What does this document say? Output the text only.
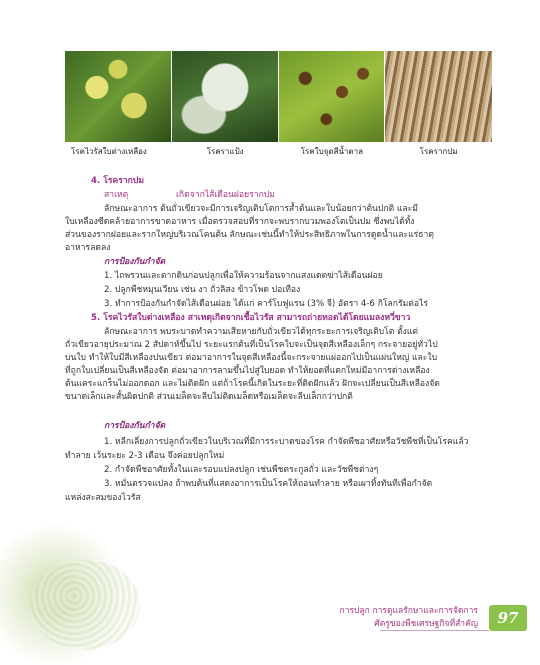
โรคไวรัสใบด่างเหลือง	โรคราแป้ง	โรคใบจุดสีน้ำตาล	โรครากปม
4. โรครากปม
สาเหตุ	เกิดจากไส้เดือนฝอยรากปม
ลักษณะอาการ ต้นถั่วเขียวจะมีการเจริญเติบโตการส้ำต้นและใบน้อยกว่าต้นปกติ และมี
ใบเหลืองซีดคล้ายอาการขาดอาหาร เมื่อตรวจสอบที่รากจะพบรากบวมพองโตเป็นปม ซึ่งพบได้ทั้ง
ส่วนของรากฝอยและรากใหญ่บริเวณโคนต้น ลักษณะเช่นนี้ทำให้ประสิทธิภาพในการดูดน้ำและแร่ธาตุ
อาหารลดลง
การป้องกันกำจัด
1. ไถพรวนและตากดินก่อนปลูกเพื่อให้ความร้อนจากแสงแดดฆ่าไส้เดือนฝอย
2. ปลูกพืชหมุนเวียน เช่น งา ถั่วลิสง ข้าวโพด ปอเทือง
3. ทำการป้องกันกำจัดไส้เดือนฝอย ได้แก่ คาร์โบฟูแรน (3% จี) อัตรา 4-6 กิโลกรัมต่อไร่
5. โรคไวรัสใบด่างเหลือง สาเหตุเกิดจากเชื้อไวรัส สามารถถ่ายทอดได้โดยแมลงหวี่ขาว
ลักษณะอาการ พบระบาดทำความเสียหายกับถั่วเขียวได้ทุกระยะการเจริญเติบโต ตั้งแต่
ถั่วเขียวอายุประมาณ 2 สัปดาห์ขึ้นไป ระยะแรกต้นที่เป็นโรคใบจะเป็นจุดสีเหลืองเล็กๆ กระจายอยู่ทั่วไป
บนใบ ทำให้ใบมีสีเหลืองปนเขียว ต่อมาอาการในจุดสีเหลืองนี้จะกระจายแผ่ออกไปเป็นแผ่นใหญ่ และใบ
ที่ถูกใบเปลี่ยนเป็นสีเหลืองจัด ต่อมาอาการลามขึ้นไปสู่ใบยอด ทำให้ยอดที่แตกใหม่มีอาการด่างเหลือง
ต้นแคระแกร็นไม่ออกดอก และไม่ติดฝัก แต่ถ้าโรคนี้เกิดในระยะที่ติดฝักแล้ว ฝักจะเปลี่ยนเป็นสีเหลืองจัด
ขนาดเล็กและสั้นผิดปกติ ส่วนเมล็ดจะลีบไม่ติดเมล็ดหรือเมล็ดจะลีบเล็กกว่าปกติ
การป้องกันกำจัด
1. หลีกเลี่ยงการปลูกถั่วเขียวในบริเวณที่มีการระบาดของโรค กำจัดพืชอาศัยหรือวัชพืชที่เป็นโรคแล้ว
ทำลาย เว้นระยะ 2-3 เดือน จึงค่อยปลูกใหม่
2. กำจัดพืชอาศัยทั้งในและรอบแปลงปลูก เช่นพืชตระกูลถั่ว และวัชพืชต่างๆ
3. หมั่นตรวจแปลง ถ้าพบต้นที่แสดงอาการเป็นโรคให้ถอนทำลาย หรือเผาทิ้งทันทีเพื่อกำจัด
แหล่งสะสมของไวรัส
การปลูก การดูแลรักษาและการจัดการ
ศัตรูของพืชเศรษฐกิจที่สำคัญ	97
